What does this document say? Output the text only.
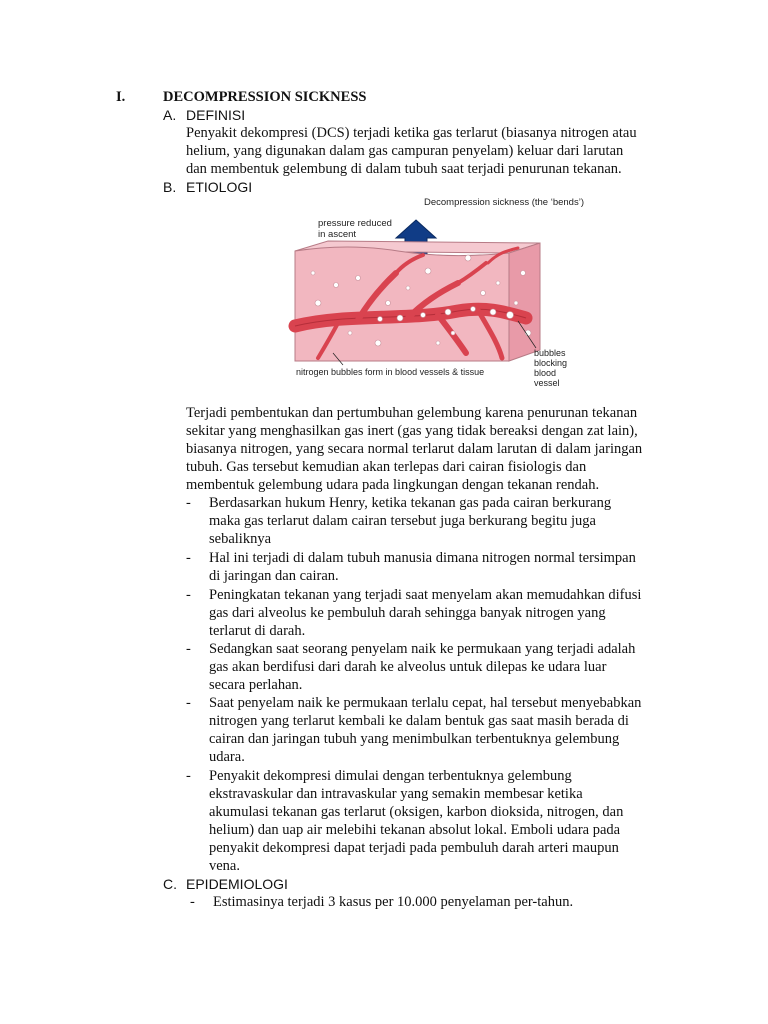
I.	DECOMPRESSION SICKNESS
A. DEFINISI
Penyakit dekompresi (DCS) terjadi ketika gas terlarut (biasanya nitrogen atau
helium, yang digunakan dalam gas campuran penyelam) keluar dari larutan
dan membentuk gelembung di dalam tubuh saat terjadi penurunan tekanan.
B. ETIOLOGI
Decompression sickness (the ‘bends’)
pressure reduced
in ascent
nitrogen bubbles form in blood vessels & tissue
bubbles
blocking
blood
vessel
Terjadi pembentukan dan pertumbuhan gelembung karena penurunan tekanan
sekitar yang menghasilkan gas inert (gas yang tidak bereaksi dengan zat lain),
biasanya nitrogen, yang secara normal terlarut dalam larutan di dalam jaringan
tubuh. Gas tersebut kemudian akan terlepas dari cairan fisiologis dan
membentuk gelembung udara pada lingkungan dengan tekanan rendah.
- Berdasarkan hukum Henry, ketika tekanan gas pada cairan berkurang
maka gas terlarut dalam cairan tersebut juga berkurang begitu juga
sebaliknya
- Hal ini terjadi di dalam tubuh manusia dimana nitrogen normal tersimpan
di jaringan dan cairan.
- Peningkatan tekanan yang terjadi saat menyelam akan memudahkan difusi
gas dari alveolus ke pembuluh darah sehingga banyak nitrogen yang
terlarut di darah.
- Sedangkan saat seorang penyelam naik ke permukaan yang terjadi adalah
gas akan berdifusi dari darah ke alveolus untuk dilepas ke udara luar
secara perlahan.
- Saat penyelam naik ke permukaan terlalu cepat, hal tersebut menyebabkan
nitrogen yang terlarut kembali ke dalam bentuk gas saat masih berada di
cairan dan jaringan tubuh yang menimbulkan terbentuknya gelembung
udara.
- Penyakit dekompresi dimulai dengan terbentuknya gelembung
ekstravaskular dan intravaskular yang semakin membesar ketika
akumulasi tekanan gas terlarut (oksigen, karbon dioksida, nitrogen, dan
helium) dan uap air melebihi tekanan absolut lokal. Emboli udara pada
penyakit dekompresi dapat terjadi pada pembuluh darah arteri maupun
vena.
C. EPIDEMIOLOGI
- Estimasinya terjadi 3 kasus per 10.000 penyelaman per-tahun.
